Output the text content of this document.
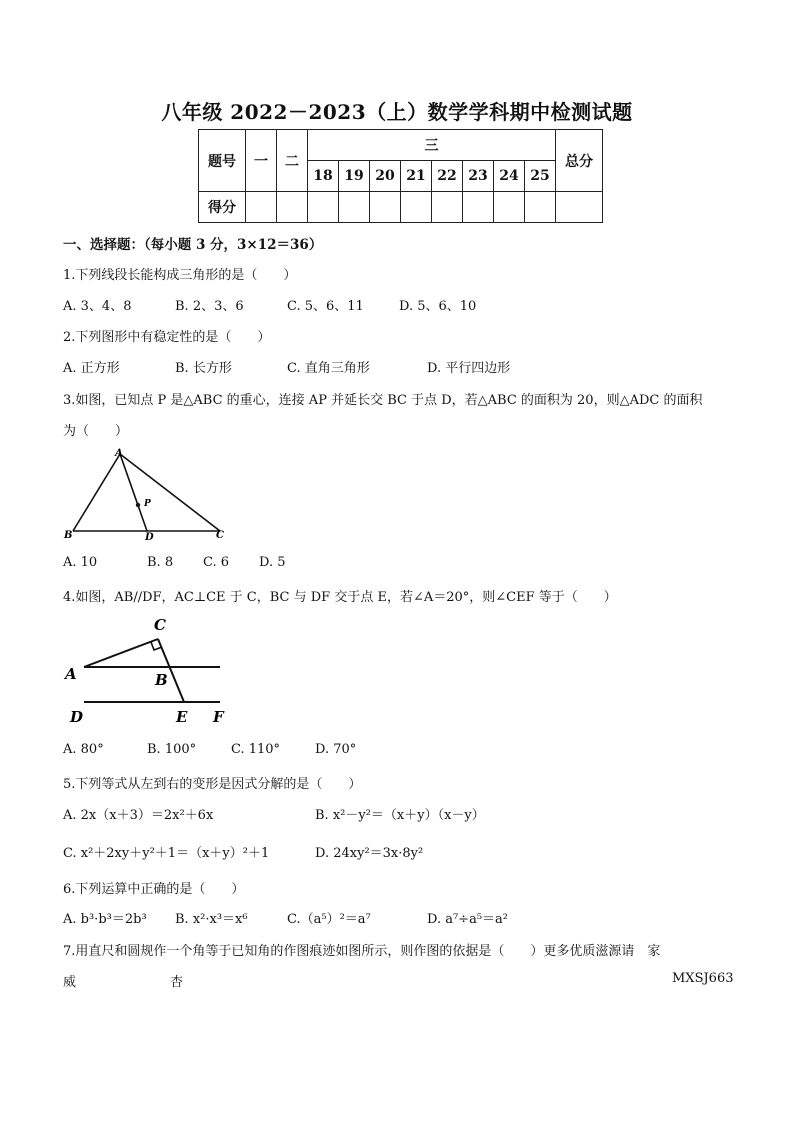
八年级 2022－2023（上）数学学科期中检测试题
题号	一	二	三								总分
			18	19	20	21	22	23	24	25	
得分											
一、选择题：（每小题 3 分，3×12＝36）
1.下列线段长能构成三角形的是（　　）
A. 3、4、8	B. 2、3、6	C. 5、6、11	D. 5、6、10
2.下列图形中有稳定性的是（　　）
A. 正方形	B. 长方形	C. 直角三角形	D. 平行四边形
3.如图，已知点 P 是△ABC 的重心，连接 AP 并延长交 BC 于点 D，若△ABC 的面积为 20，则△ADC 的面积
为（　　）
A
B	C
D
P
A. 10	B. 8 C. 6 D. 5
4.如图，AB//DF，AC⊥CE 于 C，BC 与 DF 交于点 E，若∠A＝20°，则∠CEF 等于（　　）
C
A	B
D	E F
A. 80°	B. 100°	C. 110°	D. 70°
5.下列等式从左到右的变形是因式分解的是（　　）
A. 2x（x＋3）＝2x²＋6x	B. x²－y²＝（x＋y）（x－y）
C. x²＋2xy＋y²＋1＝（x＋y）²＋1	D. 24xy²＝3x·8y²
6.下列运算中正确的是（　　）
A. b³·b³＝2b³ B. x²·x³＝x⁶	C.（a⁵）²＝a⁷	D. a⁷÷a⁵＝a²
7.用直尺和圆规作一个角等于已知角的作图痕迹如图所示，则作图的依据是（　　）更多优质滋源请　家
威	杏	MXSJ663
